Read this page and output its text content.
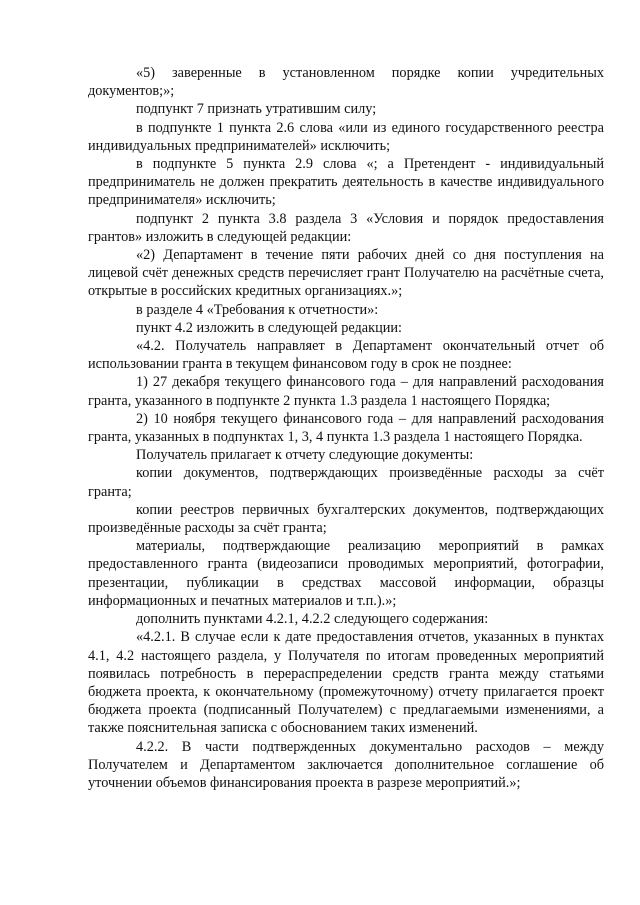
«5) заверенные в установленном порядке копии учредительных документов;»;

подпункт 7 признать утратившим силу;

в подпункте 1 пункта 2.6 слова «или из единого государственного реестра индивидуальных предпринимателей» исключить;

в подпункте 5 пункта 2.9 слова «; а Претендент - индивидуальный предприниматель не должен прекратить деятельность в качестве индивидуального предпринимателя» исключить;

подпункт 2 пункта 3.8 раздела 3 «Условия и порядок предоставления грантов» изложить в следующей редакции:

«2) Департамент в течение пяти рабочих дней со дня поступления на лицевой счёт денежных средств перечисляет грант Получателю на расчётные счета, открытые в российских кредитных организациях.»;

в разделе 4 «Требования к отчетности»:

пункт 4.2 изложить в следующей редакции:

«4.2. Получатель направляет в Департамент окончательный отчет об использовании гранта в текущем финансовом году в срок не позднее:

1) 27 декабря текущего финансового года – для направлений расходования гранта, указанного в подпункте 2 пункта 1.3 раздела 1 настоящего Порядка;

2) 10 ноября текущего финансового года – для направлений расходования гранта, указанных в подпунктах 1, 3, 4 пункта 1.3 раздела 1 настоящего Порядка.

Получатель прилагает к отчету следующие документы:

копии документов, подтверждающих произведённые расходы за счёт гранта;

копии реестров первичных бухгалтерских документов, подтверждающих произведённые расходы за счёт гранта;

материалы, подтверждающие реализацию мероприятий в рамках предоставленного гранта (видеозаписи проводимых мероприятий, фотографии, презентации, публикации в средствах массовой информации, образцы информационных и печатных материалов и т.п.).»;

дополнить пунктами 4.2.1, 4.2.2 следующего содержания:

«4.2.1. В случае если к дате предоставления отчетов, указанных в пунктах 4.1, 4.2 настоящего раздела, у Получателя по итогам проведенных мероприятий появилась потребность в перераспределении средств гранта между статьями бюджета проекта, к окончательному (промежуточному) отчету прилагается проект бюджета проекта (подписанный Получателем) с предлагаемыми изменениями, а также пояснительная записка с обоснованием таких изменений.

4.2.2. В части подтвержденных документально расходов – между Получателем и Департаментом заключается дополнительное соглашение об уточнении объемов финансирования проекта в разрезе мероприятий.»;
